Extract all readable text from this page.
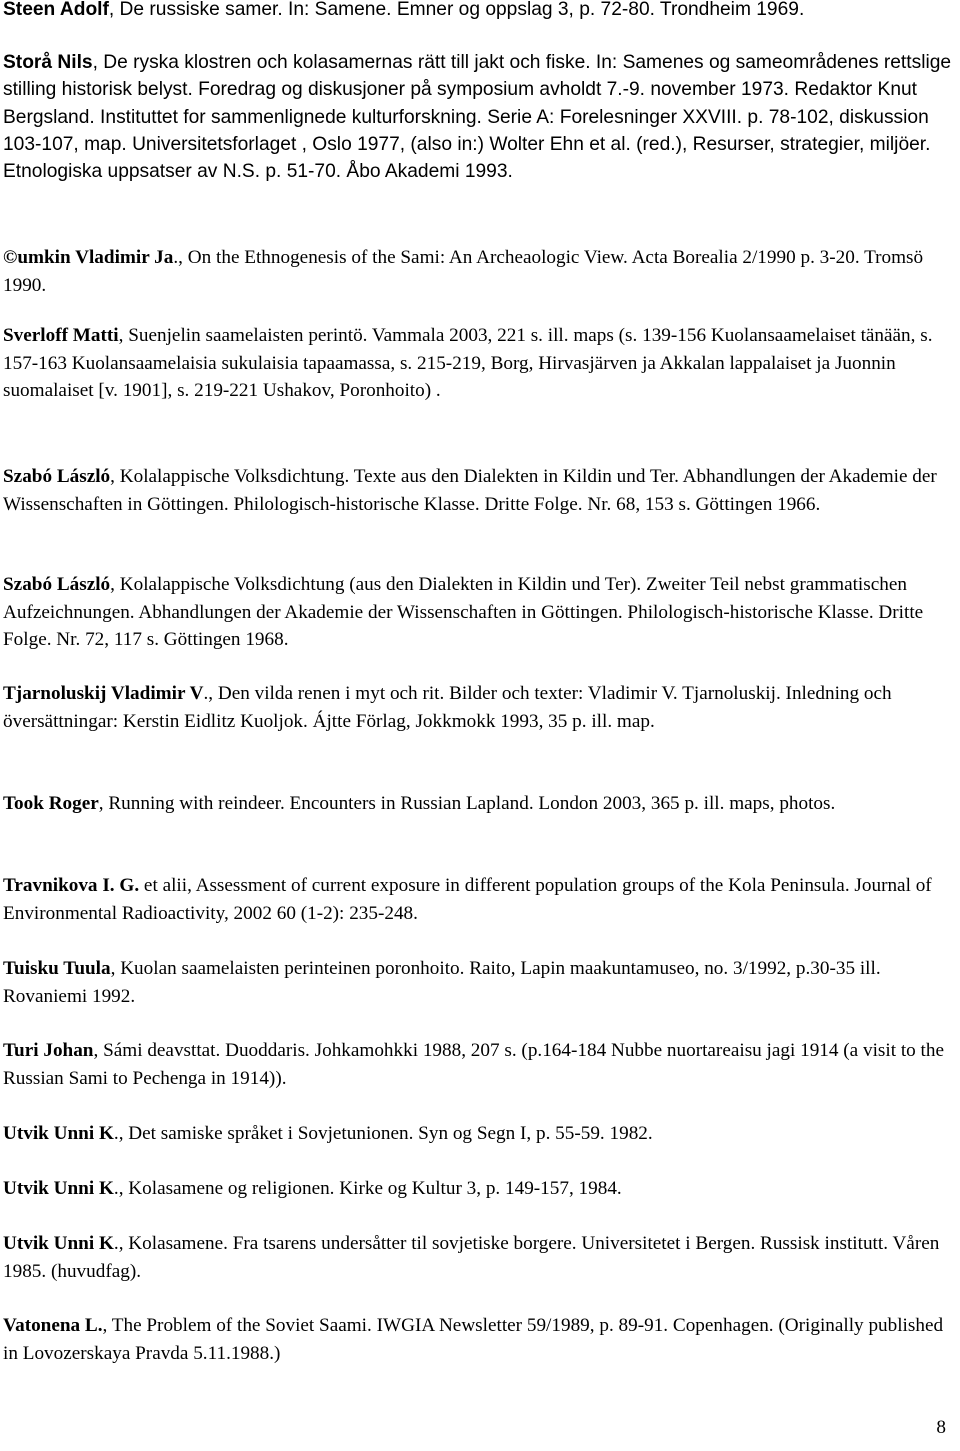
Steen Adolf, De russiske samer. In: Samene. Emner og oppslag 3, p. 72-80. Trondheim 1969.

Storå Nils, De ryska klostren och kolasamernas rätt till jakt och fiske. In: Samenes og sameområdenes rettslige stilling historisk belyst. Foredrag og diskusjoner på symposium avholdt 7.-9. november 1973. Redaktor Knut Bergsland. Instituttet for sammenlignede kulturforskning. Serie A: Forelesninger XXVIII. p. 78-102, diskussion 103-107, map. Universitetsforlaget , Oslo 1977, (also in:) Wolter Ehn et al. (red.), Resurser, strategier, miljöer. Etnologiska uppsatser av N.S. p. 51-70. Åbo Akademi 1993.

©umkin Vladimir Ja., On the Ethnogenesis of the Sami: An Archeaologic View. Acta Borealia 2/1990 p. 3-20. Tromsö 1990.

Sverloff Matti, Suenjelin saamelaisten perintö. Vammala 2003, 221 s. ill. maps (s. 139-156 Kuolansaamelaiset tänään, s. 157-163 Kuolansaamelaisia sukulaisia tapaamassa, s. 215-219, Borg, Hirvasjärven ja Akkalan lappalaiset ja Juonnin suomalaiset [v. 1901], s. 219-221 Ushakov, Poronhoito) .

Szabó László, Kolalappische Volksdichtung. Texte aus den Dialekten in Kildin und Ter. Abhandlungen der Akademie der Wissenschaften in Göttingen. Philologisch-historische Klasse. Dritte Folge. Nr. 68, 153 s. Göttingen 1966.

Szabó László, Kolalappische Volksdichtung (aus den Dialekten in Kildin und Ter). Zweiter Teil nebst grammatischen Aufzeichnungen. Abhandlungen der Akademie der Wissenschaften in Göttingen. Philologisch-historische Klasse. Dritte Folge. Nr. 72, 117 s. Göttingen 1968.

Tjarnoluskij Vladimir V., Den vilda renen i myt och rit. Bilder och texter: Vladimir V. Tjarnoluskij. Inledning och översättningar: Kerstin Eidlitz Kuoljok. Ájtte Förlag, Jokkmokk 1993, 35 p. ill. map.

Took Roger, Running with reindeer. Encounters in Russian Lapland. London 2003, 365 p. ill. maps, photos.

Travnikova I. G. et alii, Assessment of current exposure in different population groups of the Kola Peninsula. Journal of Environmental Radioactivity, 2002 60 (1-2): 235-248.

Tuisku Tuula, Kuolan saamelaisten perinteinen poronhoito. Raito, Lapin maakuntamuseo, no. 3/1992, p.30-35 ill. Rovaniemi 1992.

Turi Johan, Sámi deavsttat. Duoddaris. Johkamohkki 1988, 207 s. (p.164-184 Nubbe nuortareaisu jagi 1914 (a visit to the Russian Sami to Pechenga in 1914)).

Utvik Unni K., Det samiske språket i Sovjetunionen. Syn og Segn I, p. 55-59. 1982.

Utvik Unni K., Kolasamene og religionen. Kirke og Kultur 3, p. 149-157, 1984.

Utvik Unni K., Kolasamene. Fra tsarens undersåtter til sovjetiske borgere. Universitetet i Bergen. Russisk institutt. Våren 1985. (huvudfag).

Vatonena L., The Problem of the Soviet Saami. IWGIA Newsletter 59/1989, p. 89-91. Copenhagen. (Originally published in Lovozerskaya Pravda 5.11.1988.)

8
